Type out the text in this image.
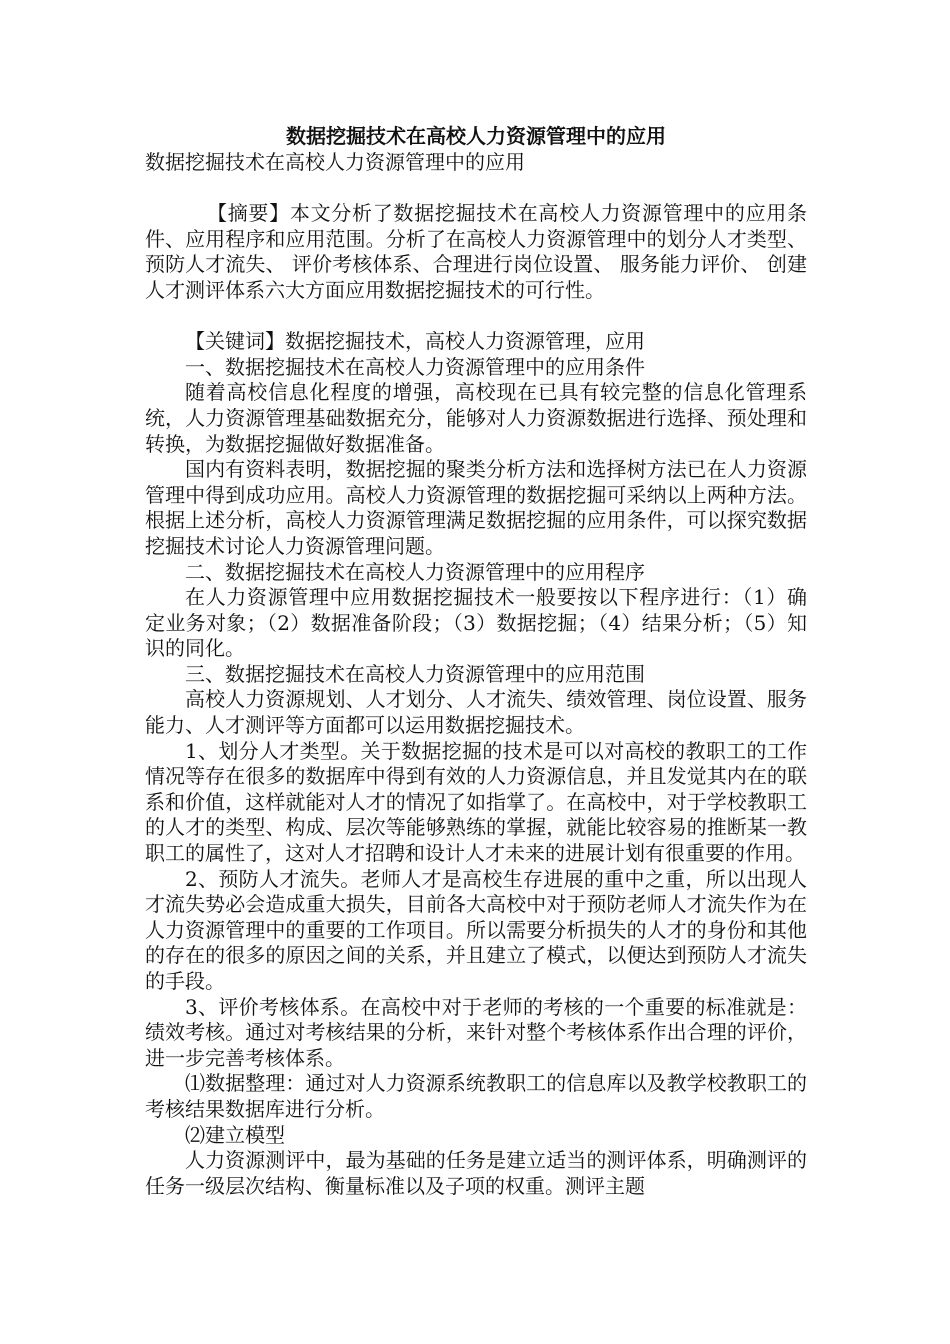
数据挖掘技术在高校人力资源管理中的应用

数据挖掘技术在高校人力资源管理中的应用

【摘要】本文分析了数据挖掘技术在高校人力资源管理中的应用条件、应用程序和应用范围。分析了在高校人力资源管理中的划分人才类型、 预防人才流失、 评价考核体系、合理进行岗位设置、 服务能力评价、 创建人才测评体系六大方面应用数据挖掘技术的可行性。

【关键词】数据挖掘技术，高校人力资源管理，应用

一、数据挖掘技术在高校人力资源管理中的应用条件

随着高校信息化程度的增强，高校现在已具有较完整的信息化管理系统，人力资源管理基础数据充分，能够对人力资源数据进行选择、预处理和转换，为数据挖掘做好数据准备。

国内有资料表明，数据挖掘的聚类分析方法和选择树方法已在人力资源管理中得到成功应用。高校人力资源管理的数据挖掘可采纳以上两种方法。根据上述分析，高校人力资源管理满足数据挖掘的应用条件，可以探究数据挖掘技术讨论人力资源管理问题。

二、数据挖掘技术在高校人力资源管理中的应用程序

在人力资源管理中应用数据挖掘技术一般要按以下程序进行：（1）确定业务对象；（2）数据准备阶段；（3）数据挖掘；（4）结果分析；（5）知识的同化。

三、数据挖掘技术在高校人力资源管理中的应用范围

高校人力资源规划、人才划分、人才流失、绩效管理、岗位设置、服务能力、人才测评等方面都可以运用数据挖掘技术。

1、划分人才类型。关于数据挖掘的技术是可以对高校的教职工的工作情况等存在很多的数据库中得到有效的人力资源信息，并且发觉其内在的联系和价值，这样就能对人才的情况了如指掌了。在高校中，对于学校教职工的人才的类型、构成、层次等能够熟练的掌握，就能比较容易的推断某一教职工的属性了，这对人才招聘和设计人才未来的进展计划有很重要的作用。

2、预防人才流失。老师人才是高校生存进展的重中之重，所以出现人才流失势必会造成重大损失，目前各大高校中对于预防老师人才流失作为在人力资源管理中的重要的工作项目。所以需要分析损失的人才的身份和其他的存在的很多的原因之间的关系，并且建立了模式，以便达到预防人才流失的手段。

3、评价考核体系。在高校中对于老师的考核的一个重要的标准就是：绩效考核。通过对考核结果的分析，来针对整个考核体系作出合理的评价，进一步完善考核体系。

⑴数据整理：通过对人力资源系统教职工的信息库以及教学校教职工的考核结果数据库进行分析。

⑵建立模型

人力资源测评中，最为基础的任务是建立适当的测评体系，明确测评的任务一级层次结构、衡量标准以及子项的权重。测评主题
